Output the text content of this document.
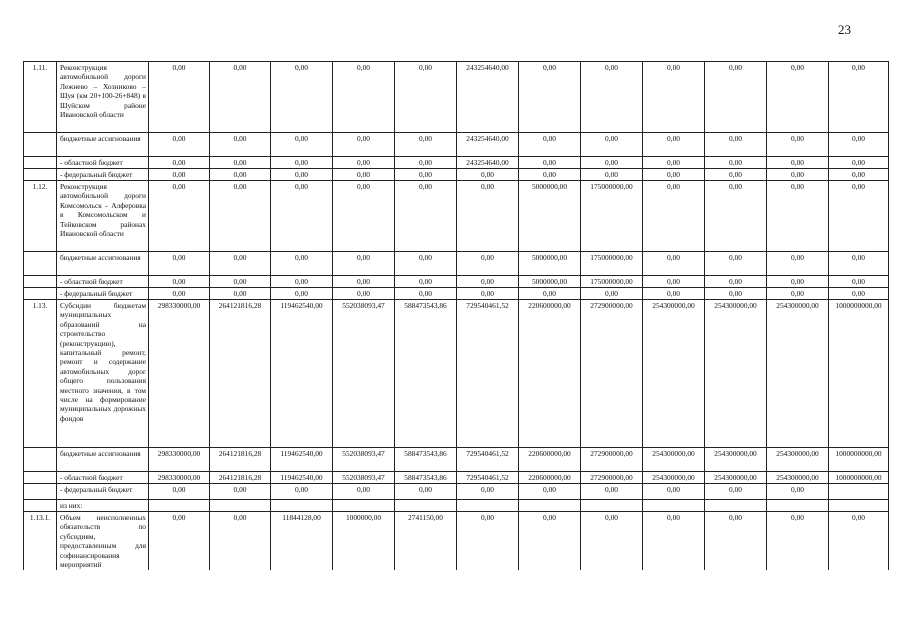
23
1.11.	Реконструкция автомобильной дороги Лежнево – Хозниково – Шуя (км 20+100-26+848) в Шуйском районе Ивановской области	0,00	0,00	0,00	0,00	0,00	243254640,00	0,00	0,00	0,00	0,00	0,00	0,00
	бюджетные ассигнования	0,00	0,00	0,00	0,00	0,00	243254640,00	0,00	0,00	0,00	0,00	0,00	0,00
	- областной бюджет	0,00	0,00	0,00	0,00	0,00	243254640,00	0,00	0,00	0,00	0,00	0,00	0,00
	- федеральный бюджет	0,00	0,00	0,00	0,00	0,00	0,00	0,00	0,00	0,00	0,00	0,00	0,00
1.12.	Реконструкция автомобильной дороги Комсомольск - Алферовка в Комсомольском и Тейковском районах Ивановской области	0,00	0,00	0,00	0,00	0,00	0,00	5000000,00	175000000,00	0,00	0,00	0,00	0,00
	бюджетные ассигнования	0,00	0,00	0,00	0,00	0,00	0,00	5000000,00	175000000,00	0,00	0,00	0,00	0,00
	- областной бюджет	0,00	0,00	0,00	0,00	0,00	0,00	5000000,00	175000000,00	0,00	0,00	0,00	0,00
	- федеральный бюджет	0,00	0,00	0,00	0,00	0,00	0,00	0,00	0,00	0,00	0,00	0,00	0,00
1.13.	Субсидии бюджетам муниципальных образований на строительство (реконструкцию), капитальный ремонт, ремонт и содержание автомобильных дорог общего пользования местного значения, в том числе на формирование муниципальных дорожных фондов	298330000,00	264121816,28	119462540,00	552038093,47	588473543,86	729540461,52	220600000,00	272900000,00	254300000,00	254300000,00	254300000,00	1000000000,00
	бюджетные ассигнования	298330000,00	264121816,28	119462540,00	552038093,47	588473543,86	729540461,52	220600000,00	272900000,00	254300000,00	254300000,00	254300000,00	1000000000,00
	- областной бюджет	298330000,00	264121816,28	119462540,00	552038093,47	588473543,86	729540461,52	220600000,00	272900000,00	254300000,00	254300000,00	254300000,00	1000000000,00
	- федеральный бюджет	0,00	0,00	0,00	0,00	0,00	0,00	0,00	0,00	0,00	0,00	0,00	
	из них:												
1.13.1.	Объем неисполненных обязательств по субсидиям, предоставленным для софинансирования мероприятий	0,00	0,00	11844128,00	1000000,00	2741150,00	0,00	0,00	0,00	0,00	0,00	0,00	0,00
